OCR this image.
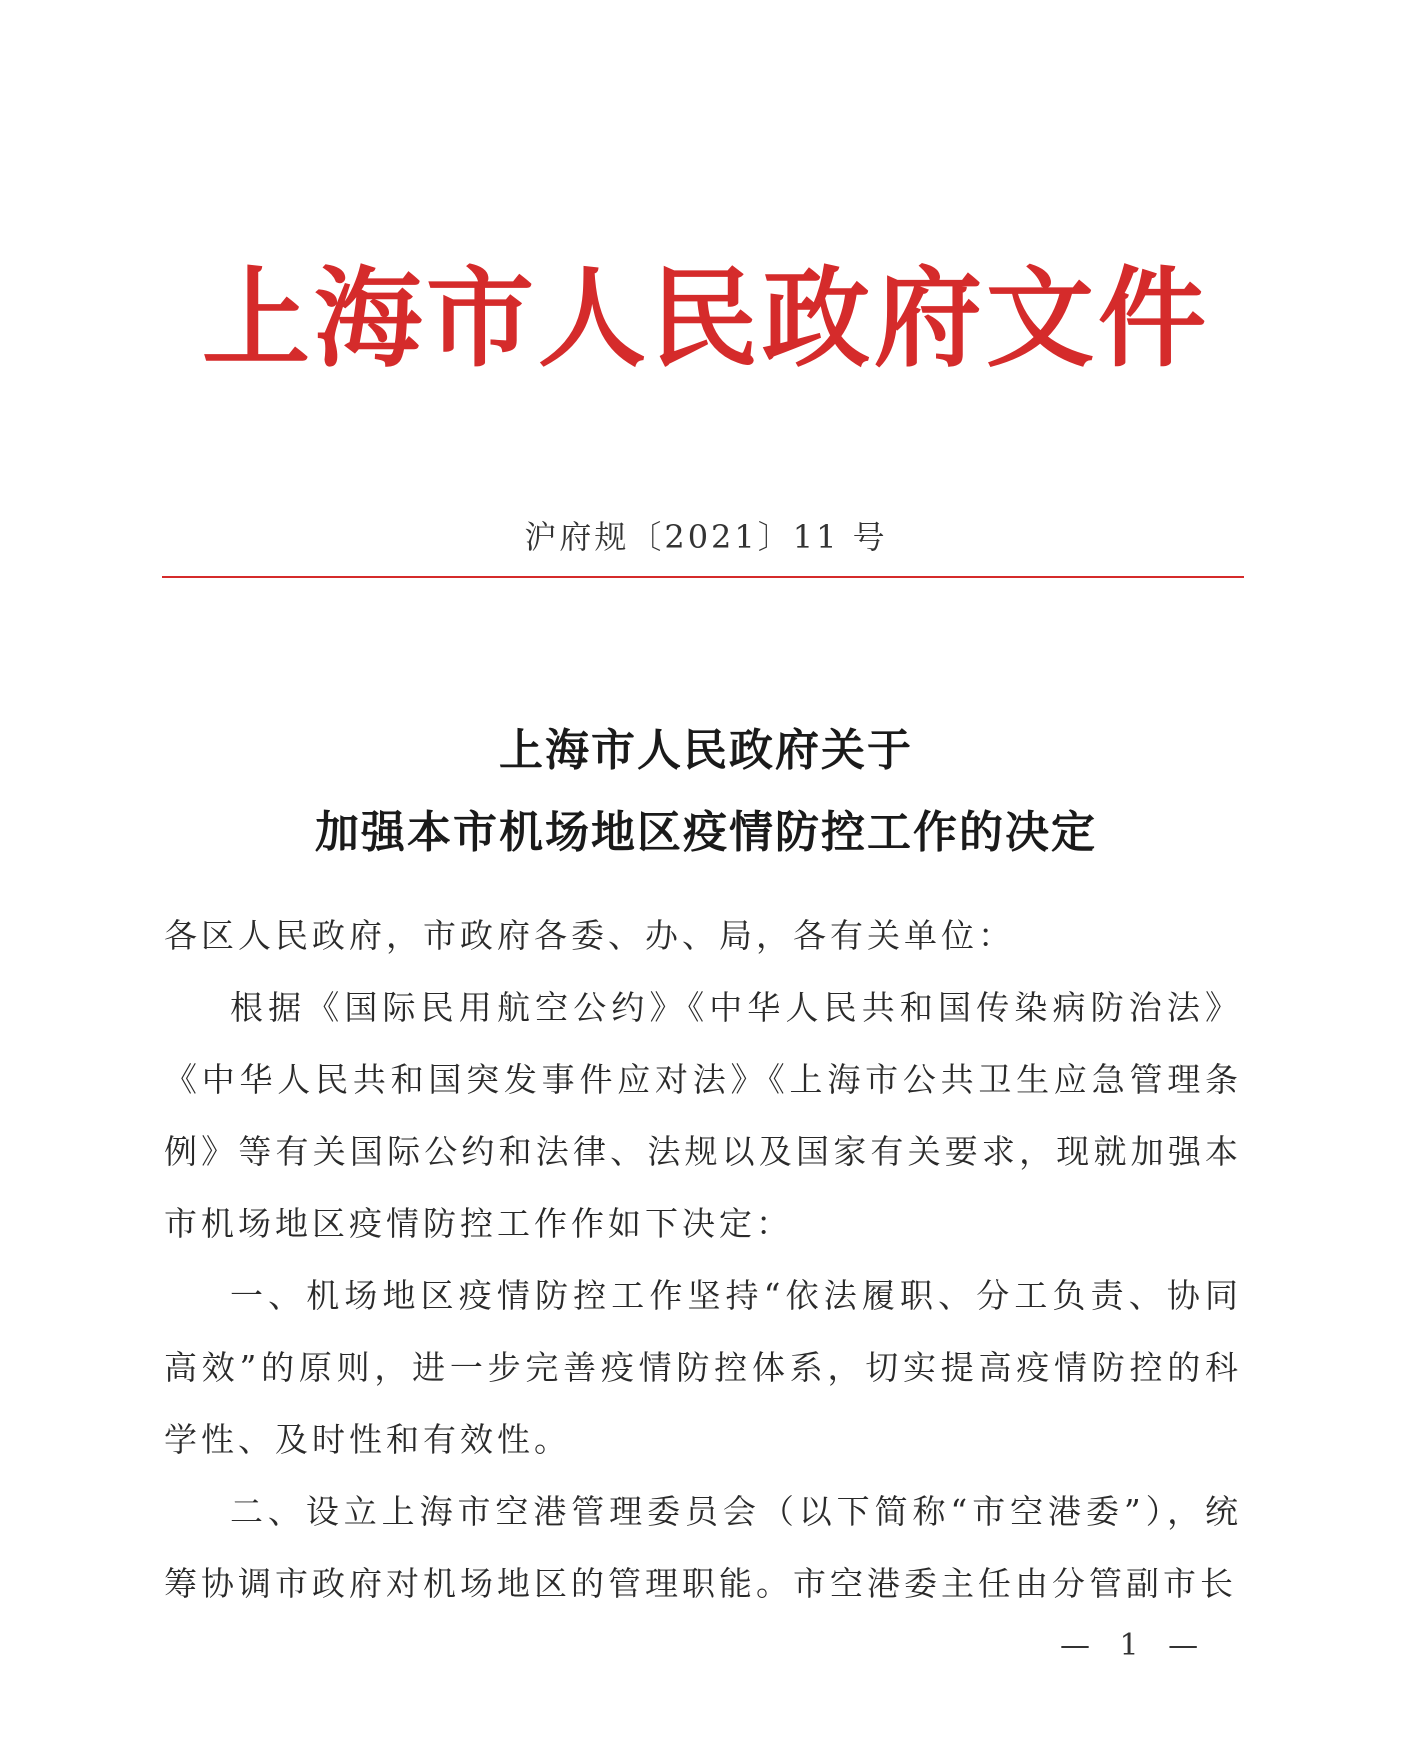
上海市人民政府文件
沪府规〔2021〕11 号
上海市人民政府关于
加强本市机场地区疫情防控工作的决定

各区人民政府，市政府各委、办、局，各有关单位：

根据《国际民用航空公约》《中华人民共和国传染病防治法》《中华人民共和国突发事件应对法》《上海市公共卫生应急管理条例》等有关国际公约和法律、法规以及国家有关要求，现就加强本市机场地区疫情防控工作作如下决定：

一、机场地区疫情防控工作坚持“依法履职、分工负责、协同高效”的原则，进一步完善疫情防控体系，切实提高疫情防控的科学性、及时性和有效性。

二、设立上海市空港管理委员会（以下简称“市空港委”），统筹协调市政府对机场地区的管理职能。市空港委主任由分管副市长

— 1 —
